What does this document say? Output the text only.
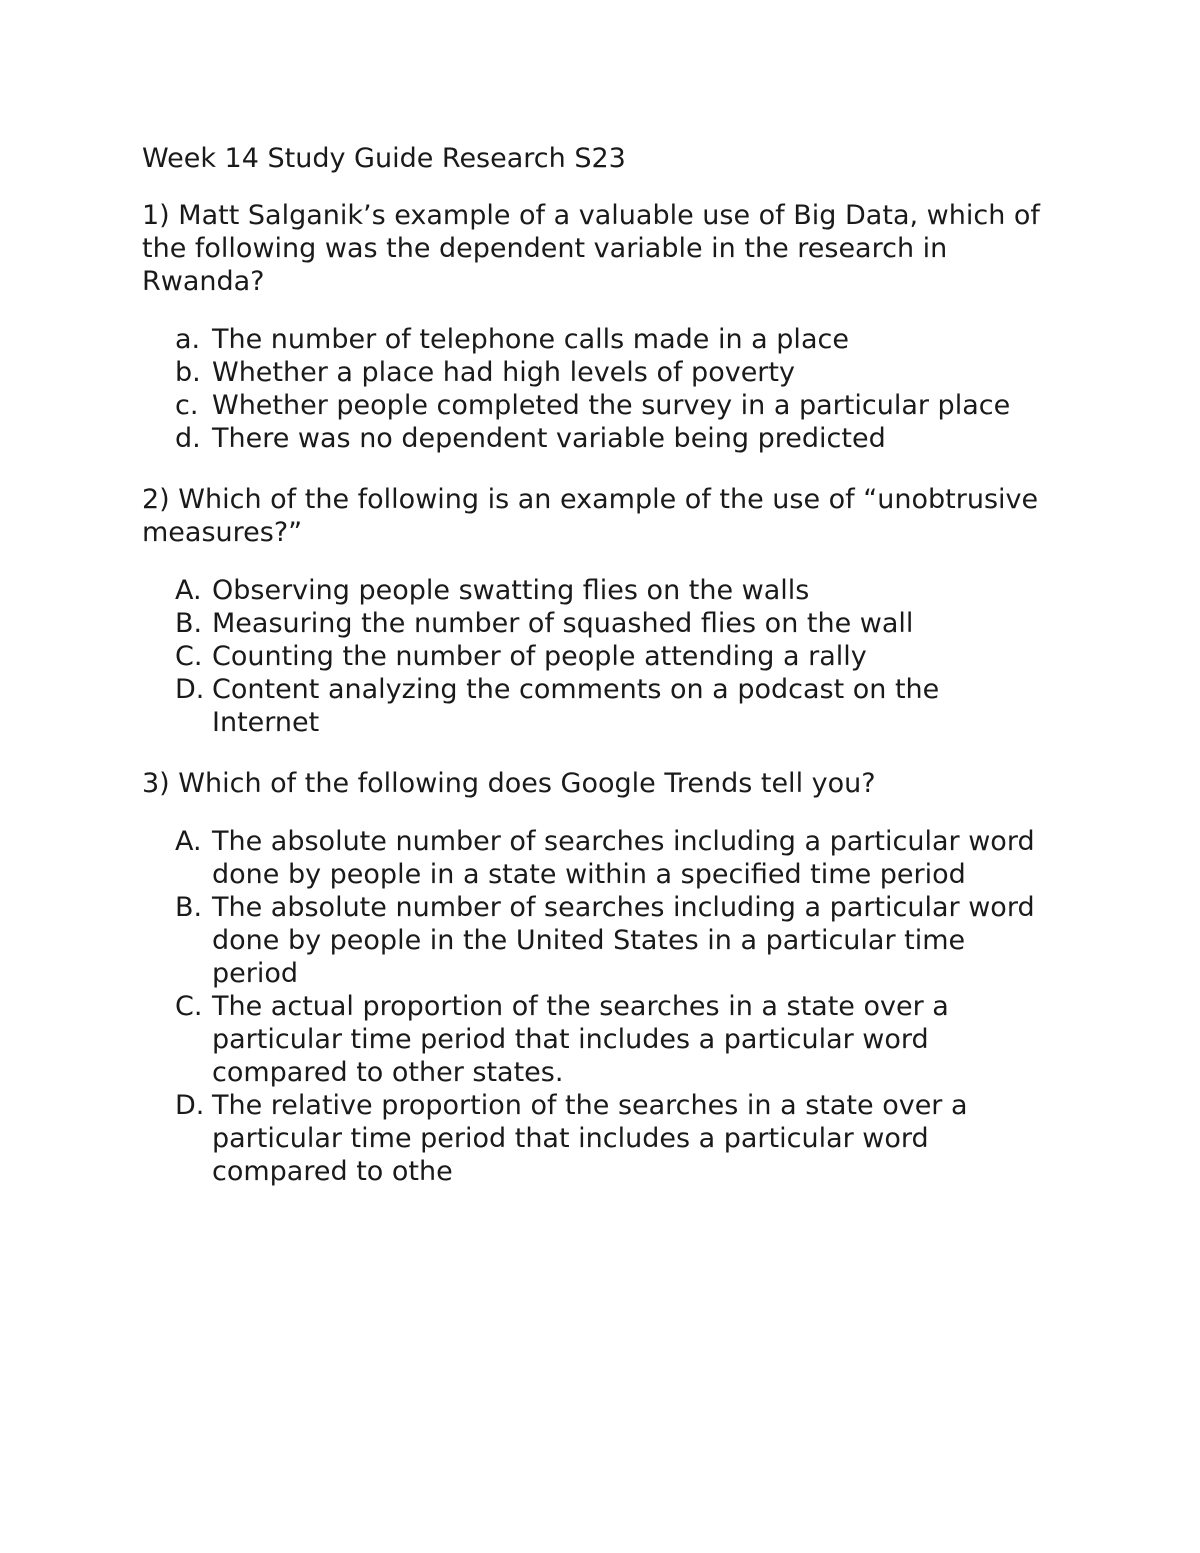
Week 14 Study Guide Research S23

1) Matt Salganik’s example of a valuable use of Big Data, which of the following was the dependent variable in the research in Rwanda?

a. The number of telephone calls made in a place
b. Whether a place had high levels of poverty
c. Whether people completed the survey in a particular place
d. There was no dependent variable being predicted

2) Which of the following is an example of the use of “unobtrusive measures?”

A. Observing people swatting flies on the walls
B. Measuring the number of squashed flies on the wall
C. Counting the number of people attending a rally
D. Content analyzing the comments on a podcast on the Internet

3) Which of the following does Google Trends tell you?

A. The absolute number of searches including a particular word done by people in a state within a specified time period
B. The absolute number of searches including a particular word done by people in the United States in a particular time period
C. The actual proportion of the searches in a state over a particular time period that includes a particular word compared to other states.
D. The relative proportion of the searches in a state over a particular time period that includes a particular word compared to othe
